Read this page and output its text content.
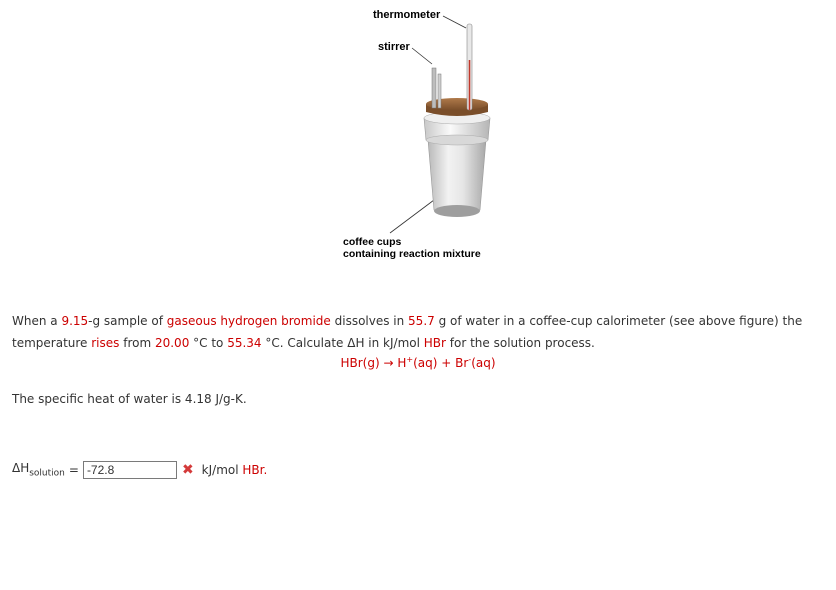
thermometer
stirrer
coffee cups
containing reaction mixture
When a 9.15-g sample of gaseous hydrogen bromide dissolves in 55.7 g of water in a coffee-cup calorimeter (see above figure) the temperature rises from 20.00 °C to 55.34 °C. Calculate ΔH in kJ/mol HBr for the solution process.
HBr(g) → H+(aq) + Br-(aq)
The specific heat of water is 4.18 J/g-K.
$\Delta H_{solution}$ =
-72.8	✖ kJ/mol HBr.
